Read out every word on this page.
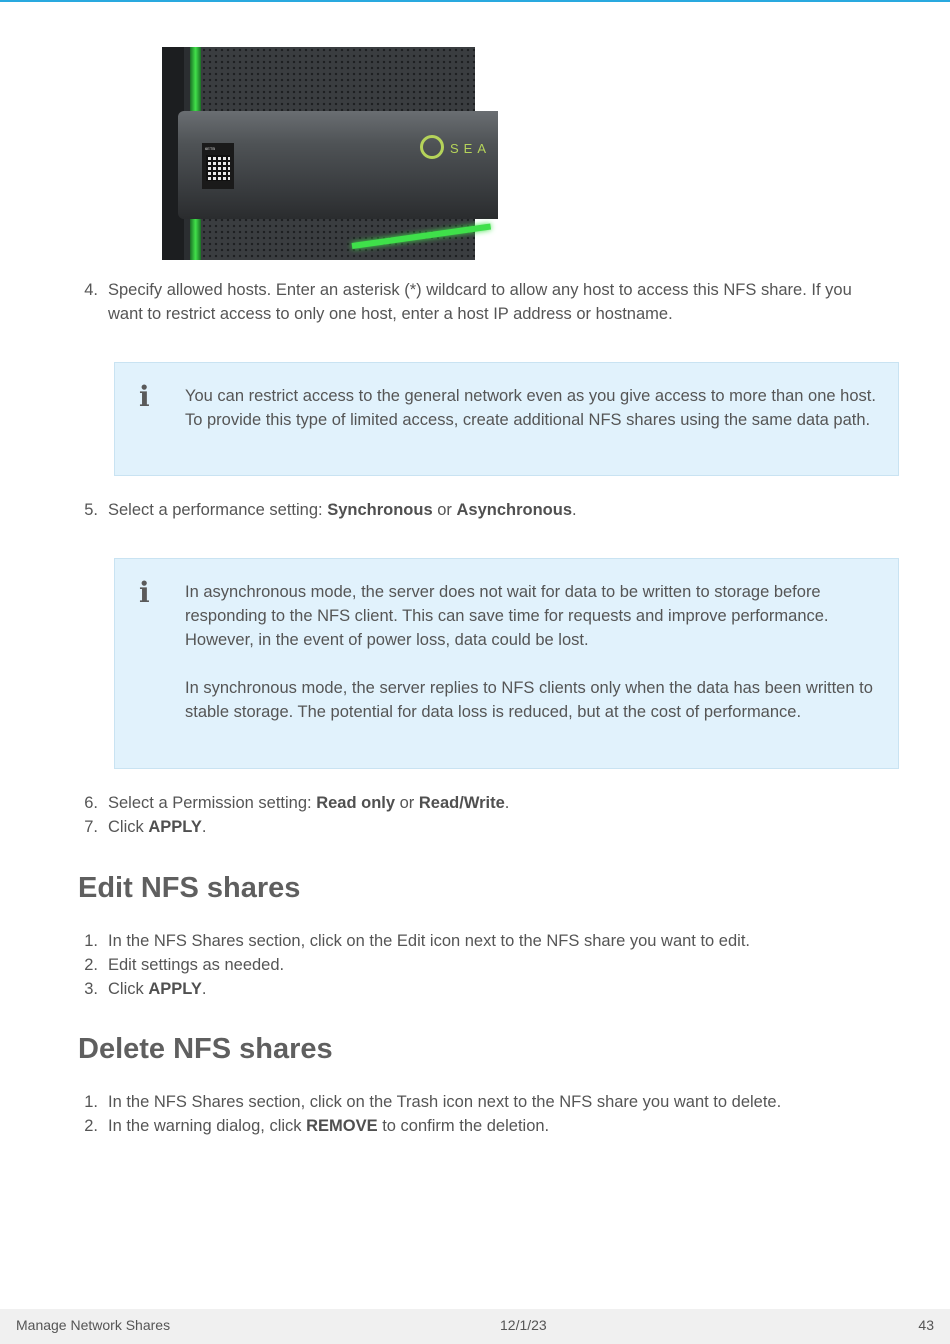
6ETB	SEA
4. Specify allowed hosts. Enter an asterisk (*) wildcard to allow any host to access this NFS share. If you want to restrict access to only one host, enter a host IP address or hostname.
i You can restrict access to the general network even as you give access to more than one host. To provide this type of limited access, create additional NFS shares using the same data path.

5. Select a performance setting: Synchronous or Asynchronous.
i In asynchronous mode, the server does not wait for data to be written to storage before responding to the NFS client. This can save time for requests and improve performance. However, in the event of power loss, data could be lost.

In synchronous mode, the server replies to NFS clients only when the data has been written to stable storage. The potential for data loss is reduced, but at the cost of performance.

6. Select a Permission setting: Read only or Read/Write.
7. Click APPLY.
Edit NFS shares
1. In the NFS Shares section, click on the Edit icon next to the NFS share you want to edit.
2. Edit settings as needed.
3. Click APPLY.
Delete NFS shares
1. In the NFS Shares section, click on the Trash icon next to the NFS share you want to delete.
2. In the warning dialog, click REMOVE to confirm the deletion.
Manage Network Shares	12/1/23	43
